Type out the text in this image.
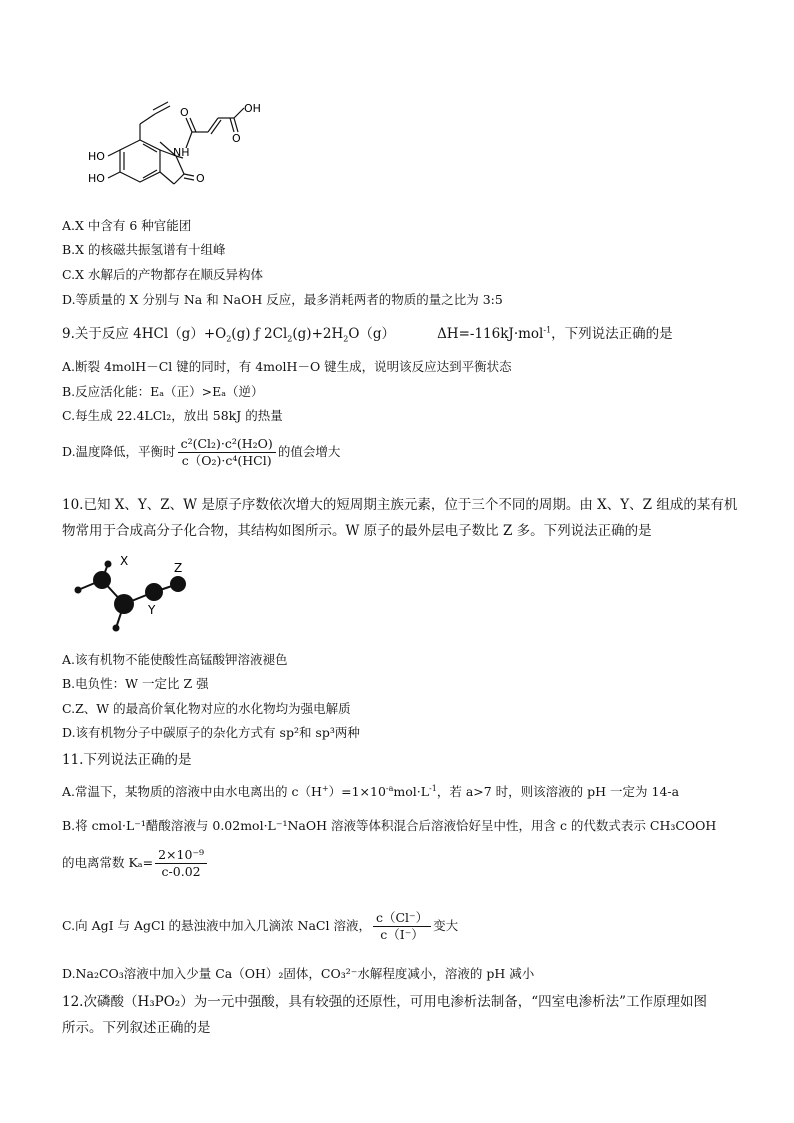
OH
O
O
NH
HO
HO	O
A.X 中含有 6 种官能团
B.X 的核磁共振氢谱有十组峰
C.X 水解后的产物都存在顺反异构体
D.等质量的 X 分别与 Na 和 NaOH 反应，最多消耗两者的物质的量之比为 3:5
9.关于反应 $4HCl(g)+O_2(g)$ ƒ $2Cl_2(g)+2H_2O(g)$	ΔH=-116kJ·mol$^{-1}$，下列说法正确的是
A.断裂 4molH－Cl 键的同时，有 4molH－O 键生成，说明该反应达到平衡状态
B.反应活化能：Eₐ（正）>Eₐ（逆）
C.每生成 22.4LCl₂，放出 58kJ 的热量
D.温度降低，平衡时 $\frac{\text{c²(Cl₂)·c²(H₂O)}}{\text{c（O₂)·c⁴(HCl)}}$ 的值会增大
10.已知 X、Y、Z、W 是原子序数依次增大的短周期主族元素，位于三个不同的周期。由 X、Y、Z 组成的某有机
物常用于合成高分子化合物，其结构如图所示。W 原子的最外层电子数比 Z 多。下列说法正确的是
X
Y
Z
A.该有机物不能使酸性高锰酸钾溶液褪色
B.电负性：W 一定比 Z 强
C.Z、W 的最高价氧化物对应的水化物均为强电解质
D.该有机物分子中碳原子的杂化方式有 sp²和 sp³两种
11.下列说法正确的是
A.常温下，某物质的溶液中由水电离出的 $c(H^+)=1\times 10^{-a}mol\cdot L^{-1}$，若 a>7 时，则该溶液的 pH 一定为 14-a
B.将 cmol·L⁻¹醋酸溶液与 0.02mol·L⁻¹NaOH 溶液等体积混合后溶液恰好呈中性，用含 c 的代数式表示 CH₃COOH
的电离常数 $K_a= \frac{\text{2×10⁻⁹}}{c-0.02}$
C.向 AgI 与 AgCl 的悬浊液中加入几滴浓 NaCl 溶液， $\frac{c(Cl^-)}{c(I^-)}$ 变大
D.Na₂CO₃溶液中加入少量 Ca（OH）₂固体，CO₃²⁻水解程度减小，溶液的 pH 减小
12.次磷酸（H₃PO₂）为一元中强酸，具有较强的还原性，可用电渗析法制备，“四室电渗析法”工作原理如图
所示。下列叙述正确的是
